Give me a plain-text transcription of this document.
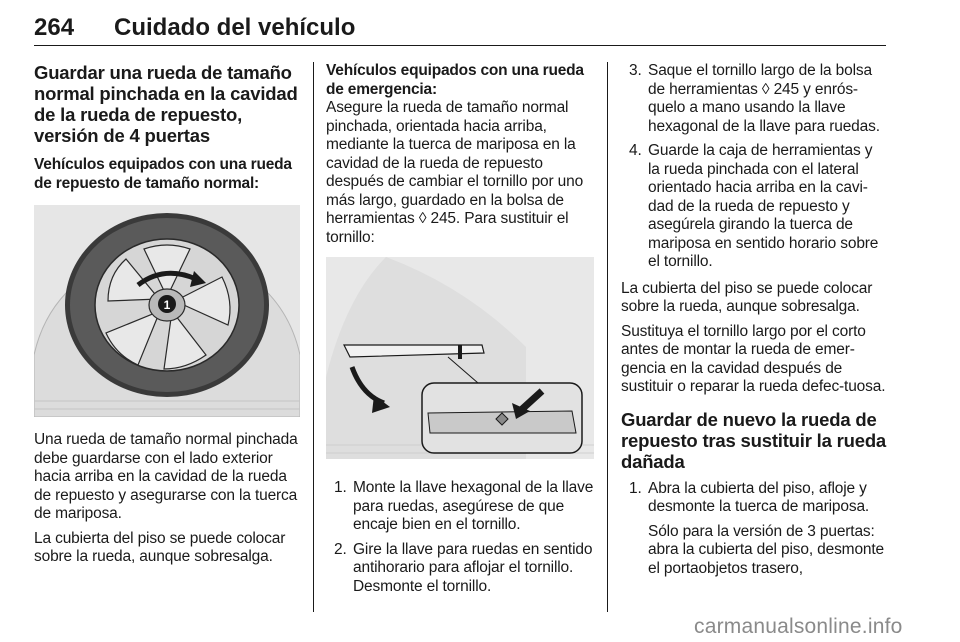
264 Cuidado del vehículo
Guardar una rueda de tamaño normal pinchada en la cavidad de la rueda de repuesto, versión de 4 puertas
Vehículos equipados con una rueda de repuesto de tamaño normal:
1

Una rueda de tamaño normal pinchada debe guardarse con el lado exterior hacia arriba en la cavidad de la rueda de repuesto y asegurarse con la tuerca de mariposa.

La cubierta del piso se puede colocar sobre la rueda, aunque sobresalga.

Vehículos equipados con una rueda de emergencia:

Asegure la rueda de tamaño normal pinchada, orientada hacia arriba, mediante la tuerca de mariposa en la cavidad de la rueda de repuesto después de cambiar el tornillo por uno más largo, guardado en la bolsa de herramientas ◊ 245. Para sustituir el tornillo:

1. Monte la llave hexagonal de la llave para ruedas, asegúrese de que encaje bien en el tornillo.
2. Gire la llave para ruedas en sentido antihorario para aflojar el tornillo. Desmonte el tornillo.
3. Saque el tornillo largo de la bolsa de herramientas ◊ 245 y enrós-quelo a mano usando la llave hexagonal de la llave para ruedas.
4. Guarde la caja de herramientas y la rueda pinchada con el lateral orientado hacia arriba en la cavi-dad de la rueda de repuesto y asegúrela girando la tuerca de mariposa en sentido horario sobre el tornillo.

La cubierta del piso se puede colocar sobre la rueda, aunque sobresalga.

Sustituya el tornillo largo por el corto antes de montar la rueda de emer-gencia en la cavidad después de sustituir o reparar la rueda defec-tuosa.

Guardar de nuevo la rueda de repuesto tras sustituir la rueda dañada
1. Abra la cubierta del piso, afloje y desmonte la tuerca de mariposa.
Sólo para la versión de 3 puertas: abra la cubierta del piso, desmonte el portaobjetos trasero,
carmanualsonline.info
